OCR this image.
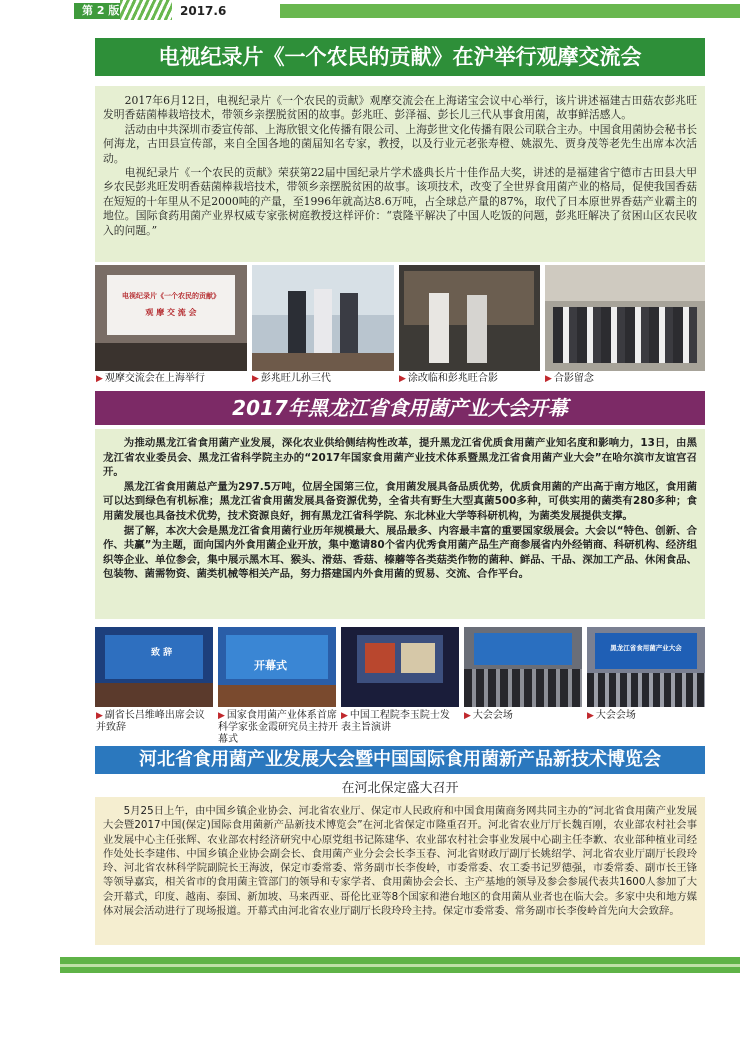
第 2 版	2017.6
电视纪录片《一个农民的贡献》在沪举行观摩交流会

2017年6月12日，电视纪录片《一个农民的贡献》观摩交流会在上海诺宝会议中心举行，该片讲述福建古田菇农彭兆旺发明香菇菌棒栽培技术，带领乡亲摆脱贫困的故事。彭兆旺、彭泽福、彭长儿三代从事食用菌，故事鲜活感人。

活动由中共深圳市委宣传部、上海欣银文化传播有限公司、上海彭世文化传播有限公司联合主办。中国食用菌协会秘书长何海龙，古田县宣传部，来自全国各地的菌届知名专家，教授，以及行业元老张寿橙、姚淑先、贾身茂等老先生出席本次活动。

电视纪录片《一个农民的贡献》荣获第22届中国纪录片学术盛典长片十佳作品大奖，讲述的是福建省宁德市古田县大甲乡农民彭兆旺发明香菇菌棒栽培技术，带领乡亲摆脱贫困的故事。该项技术，改变了全世界食用菌产业的格局，促使我国香菇在短短的十年里从不足2000吨的产量，至1996年就高达8.6万吨，占全球总产量的87%，取代了日本原世界香菇产业霸主的地位。国际食药用菌产业界权威专家张树庭教授这样评价：“袁隆平解决了中国人吃饭的问题，彭兆旺解决了贫困山区农民收入的问题。”

电视纪录片《一个农民的贡献》
观 摩 交 流 会
▶ 观摩交流会在上海举行	▶ 彭兆旺儿孙三代	▶ 涂改临和彭兆旺合影	▶ 合影留念
2017年黑龙江省食用菌产业大会开幕

为推动黑龙江省食用菌产业发展，深化农业供给侧结构性改革，提升黑龙江省优质食用菌产业知名度和影响力，13日，由黑龙江省农业委员会、黑龙江省科学院主办的“2017年国家食用菌产业技术体系暨黑龙江省食用菌产业大会”在哈尔滨市友谊宫召开。

黑龙江省食用菌总产量为297.5万吨，位居全国第三位，食用菌发展具备品质优势，优质食用菌的产出高于南方地区，食用菌可以达到绿色有机标准；黑龙江省食用菌发展具备资源优势，全省共有野生大型真菌500多种，可供实用的菌类有280多种；食用菌发展也具备技术优势，技术资源良好，拥有黑龙江省科学院、东北林业大学等科研机构，为菌类发展提供支撑。

据了解，本次大会是黑龙江省食用菌行业历年规模最大、展品最多、内容最丰富的重要国家级展会。大会以“特色、创新、合作、共赢”为主题，面向国内外食用菌企业开放，集中邀请80个省内优秀食用菌产品生产商参展省内外经销商、科研机构、经济组织等企业、单位参会，集中展示黑木耳、猴头、滑菇、香菇、榛蘑等各类菇类作物的菌种、鲜品、干品、深加工产品、休闲食品、包装物、菌需物资、菌类机械等相关产品，努力搭建国内外食用菌的贸易、交流、合作平台。

致 辞
开幕式
黑龙江省食用菌产业大会
▶ 副省长吕维峰出席会议并致辞
▶ 国家食用菌产业体系首席科学家张金霞研究员主持开幕式
▶ 中国工程院李玉院士发表主旨演讲
▶ 大会会场	▶ 大会会场
河北省食用菌产业发展大会暨中国国际食用菌新产品新技术博览会
在河北保定盛大召开

5月25日上午，由中国乡镇企业协会、河北省农业厅、保定市人民政府和中国食用菌商务网共同主办的“河北省食用菌产业发展大会暨2017中国(保定)国际食用菌新产品新技术博览会”在河北省保定市隆重召开。河北省农业厅厅长魏百刚，农业部农村社会事业发展中心主任张辉、农业部农村经济研究中心原党组书记陈建华、农业部农村社会事业发展中心副主任李歉、农业部种植业司经作处处长李建伟、中国乡镇企业协会副会长、食用菌产业分会会长李玉春、河北省财政厅副厅长姚绍学、河北省农业厅副厅长段玲玲、河北省农林科学院副院长王海波，保定市委常委、常务副市长李俊岭，市委常委、农工委书记罗德强，市委常委、副市长王锋等领导嘉宾，相关省市的食用菌主管部门的领导和专家学者、食用菌协会会长、主产基地的领导及参会参展代表共1600人参加了大会开幕式，印度、越南、泰国、新加坡、马来西亚、哥伦比亚等8个国家和港台地区的食用菌从业者也在临大会。多家中央和地方媒体对展会活动进行了现场报道。开幕式由河北省农业厅副厅长段玲玲主持。保定市委常委、常务副市长李俊岭首先向大会致辞。
